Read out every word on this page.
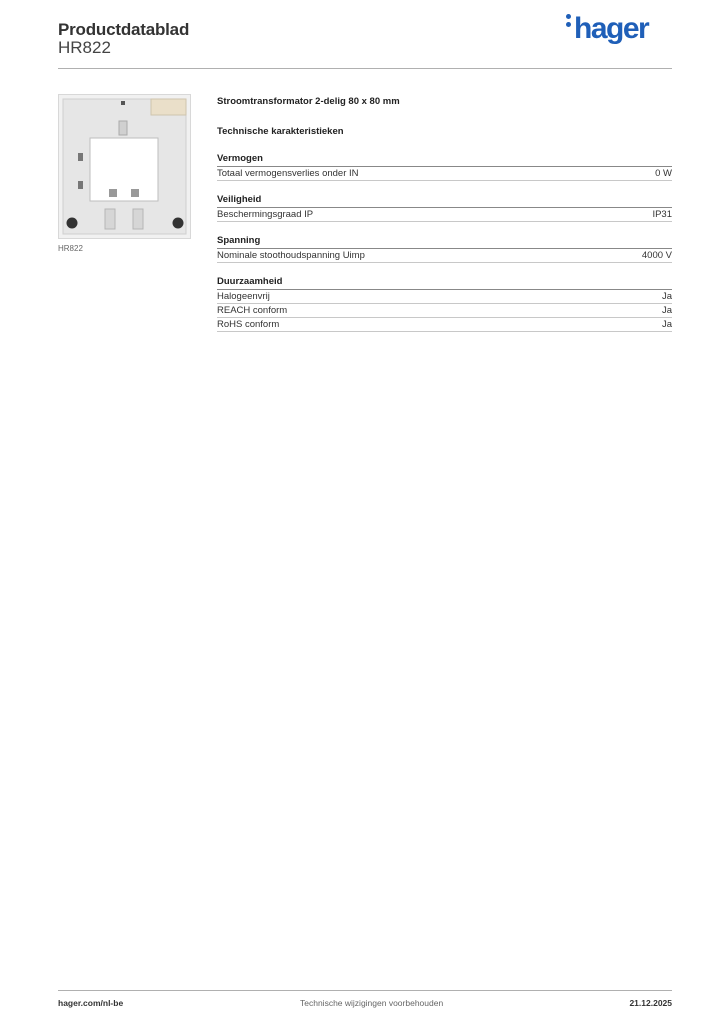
Productdatablad
HR822
hager
HR822
Stroomtransformator 2-delig 80 x 80 mm
Technische karakteristieken
Vermogen
Totaal vermogensverlies onder IN	0 W
Veiligheid
Beschermingsgraad IP	IP31
Spanning
Nominale stoothoudspanning Uimp	4000 V
Duurzaamheid
Halogeenvrij	Ja
REACH conform	Ja
RoHS conform	Ja
hager.com/nl-be	Technische wijzigingen voorbehouden	21.12.2025
